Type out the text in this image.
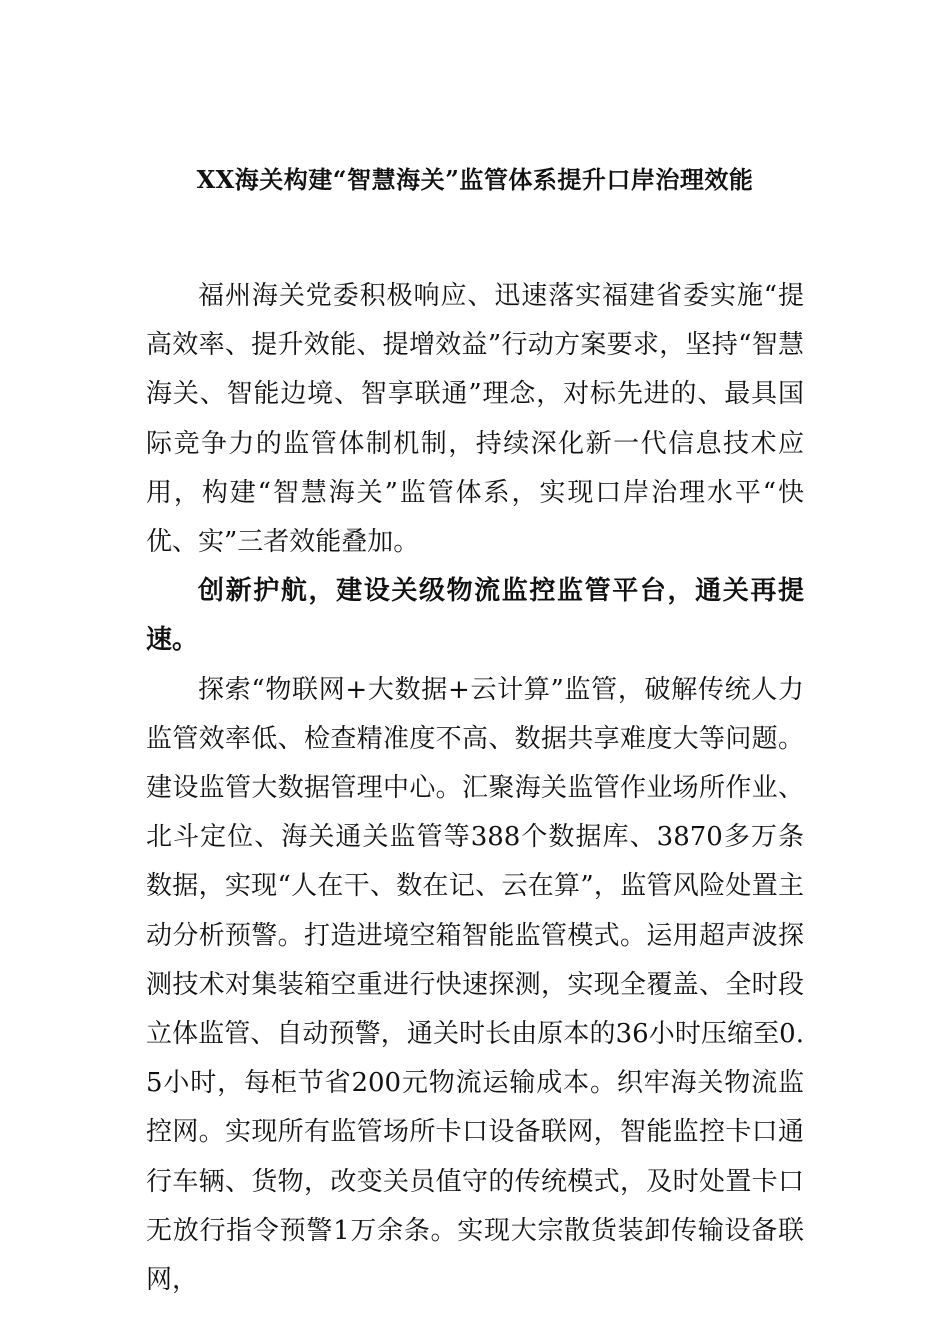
XX海关构建“智慧海关”监管体系提升口岸治理效能

福州海关党委积极响应、迅速落实福建省委实施“提高效率、提升效能、提增效益”行动方案要求，坚持“智慧海关、智能边境、智享联通”理念，对标先进的、最具国际竞争力的监管体制机制，持续深化新一代信息技术应用，构建“智慧海关”监管体系，实现口岸治理水平“快优、实”三者效能叠加。

创新护航，建设关级物流监控监管平台，通关再提速。

探索“物联网+大数据+云计算”监管，破解传统人力监管效率低、检查精准度不高、数据共享难度大等问题。建设监管大数据管理中心。汇聚海关监管作业场所作业、北斗定位、海关通关监管等388个数据库、3870多万条数据，实现“人在干、数在记、云在算”，监管风险处置主动分析预警。打造进境空箱智能监管模式。运用超声波探测技术对集装箱空重进行快速探测，实现全覆盖、全时段立体监管、自动预警，通关时长由原本的36小时压缩至0.5小时，每柜节省200元物流运输成本。织牢海关物流监控网。实现所有监管场所卡口设备联网，智能监控卡口通行车辆、货物，改变关员值守的传统模式，及时处置卡口无放行指令预警1万余条。实现大宗散货装卸传输设备联网，
